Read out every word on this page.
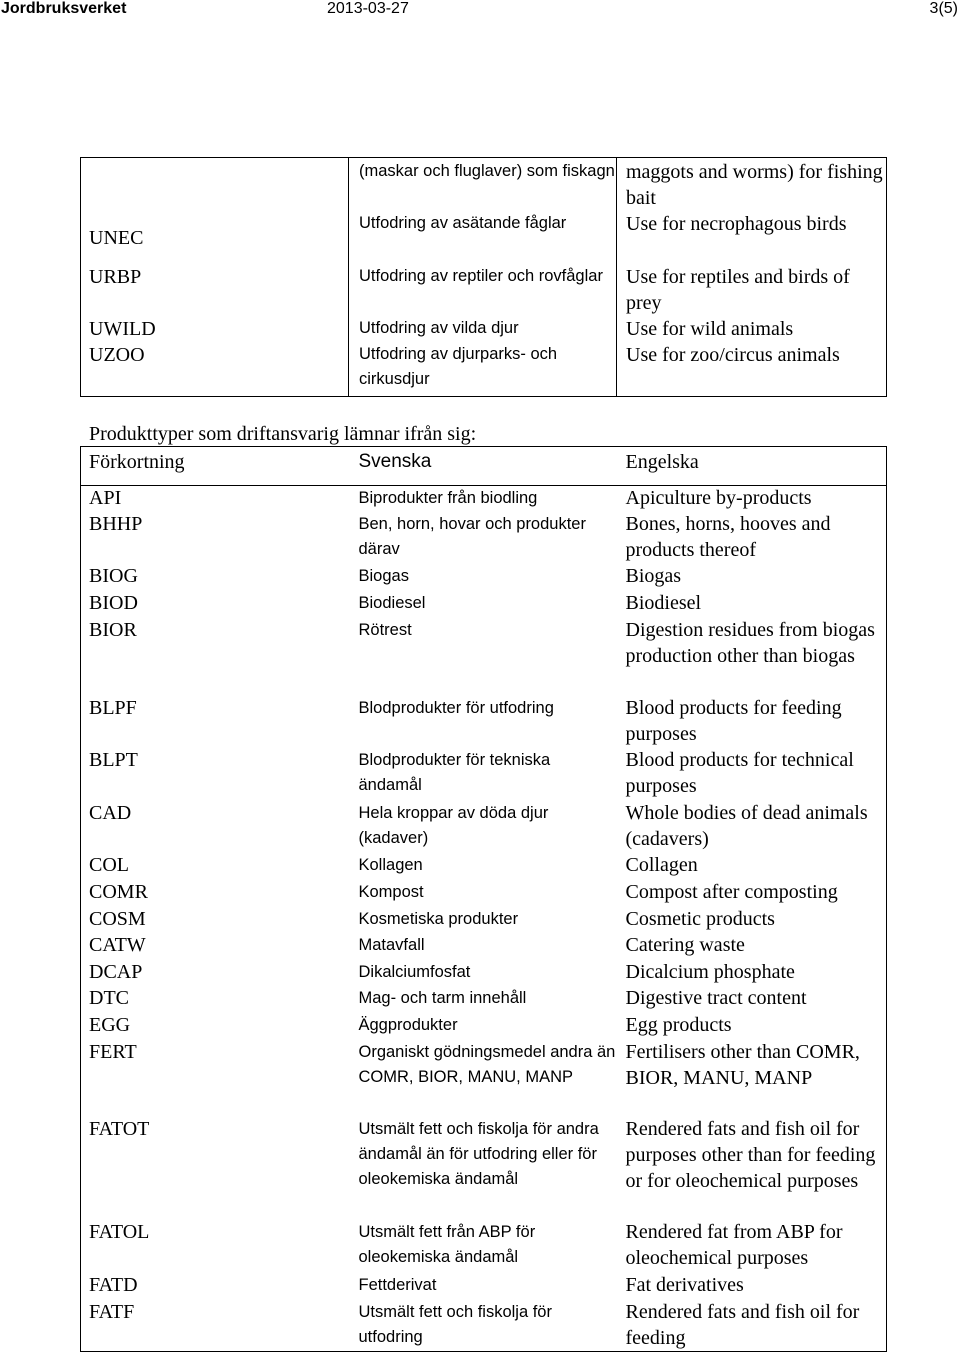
Jordbruksverket	2013-03-27	3(5)
	(maskar och fluglaver) som fiskagn	maggots and worms) for fishing bait
UNEC	Utfodring av asätande fåglar	Use for necrophagous birds
URBP	Utfodring av reptiler och rovfåglar	Use for reptiles and birds of prey
UWILD	Utfodring av vilda djur	Use for wild animals
UZOO	Utfodring av djurparks- och cirkusdjur	Use for zoo/circus animals
Produkttyper som driftansvarig lämnar ifrån sig:
Förkortning	Svenska	Engelska
API	Biprodukter från biodling	Apiculture by-products
BHHP	Ben, horn, hovar och produkter därav	Bones, horns, hooves and products thereof
BIOG	Biogas	Biogas
BIOD	Biodiesel	Biodiesel
BIOR	Rötrest	Digestion residues from biogas production other than biogas
BLPF	Blodprodukter för utfodring	Blood products for feeding purposes
BLPT	Blodprodukter för tekniska ändamål	Blood products for technical purposes
CAD	Hela kroppar av döda djur (kadaver)	Whole bodies of dead animals (cadavers)
COL	Kollagen	Collagen
COMR	Kompost	Compost after composting
COSM	Kosmetiska produkter	Cosmetic products
CATW	Matavfall	Catering waste
DCAP	Dikalciumfosfat	Dicalcium phosphate
DTC	Mag- och tarm innehåll	Digestive tract content
EGG	Äggprodukter	Egg products
FERT	Organiskt gödningsmedel andra än COMR, BIOR, MANU, MANP	Fertilisers other than COMR, BIOR, MANU, MANP
FATOT	Utsmält fett och fiskolja för andra ändamål än för utfodring eller för oleokemiska ändamål	Rendered fats and fish oil for purposes other than for feeding or for oleochemical purposes
FATOL	Utsmält fett från ABP för oleokemiska ändamål	Rendered fat from ABP for oleochemical purposes
FATD	Fettderivat	Fat derivatives
FATF	Utsmält fett och fiskolja för utfodring	Rendered fats and fish oil for feeding
